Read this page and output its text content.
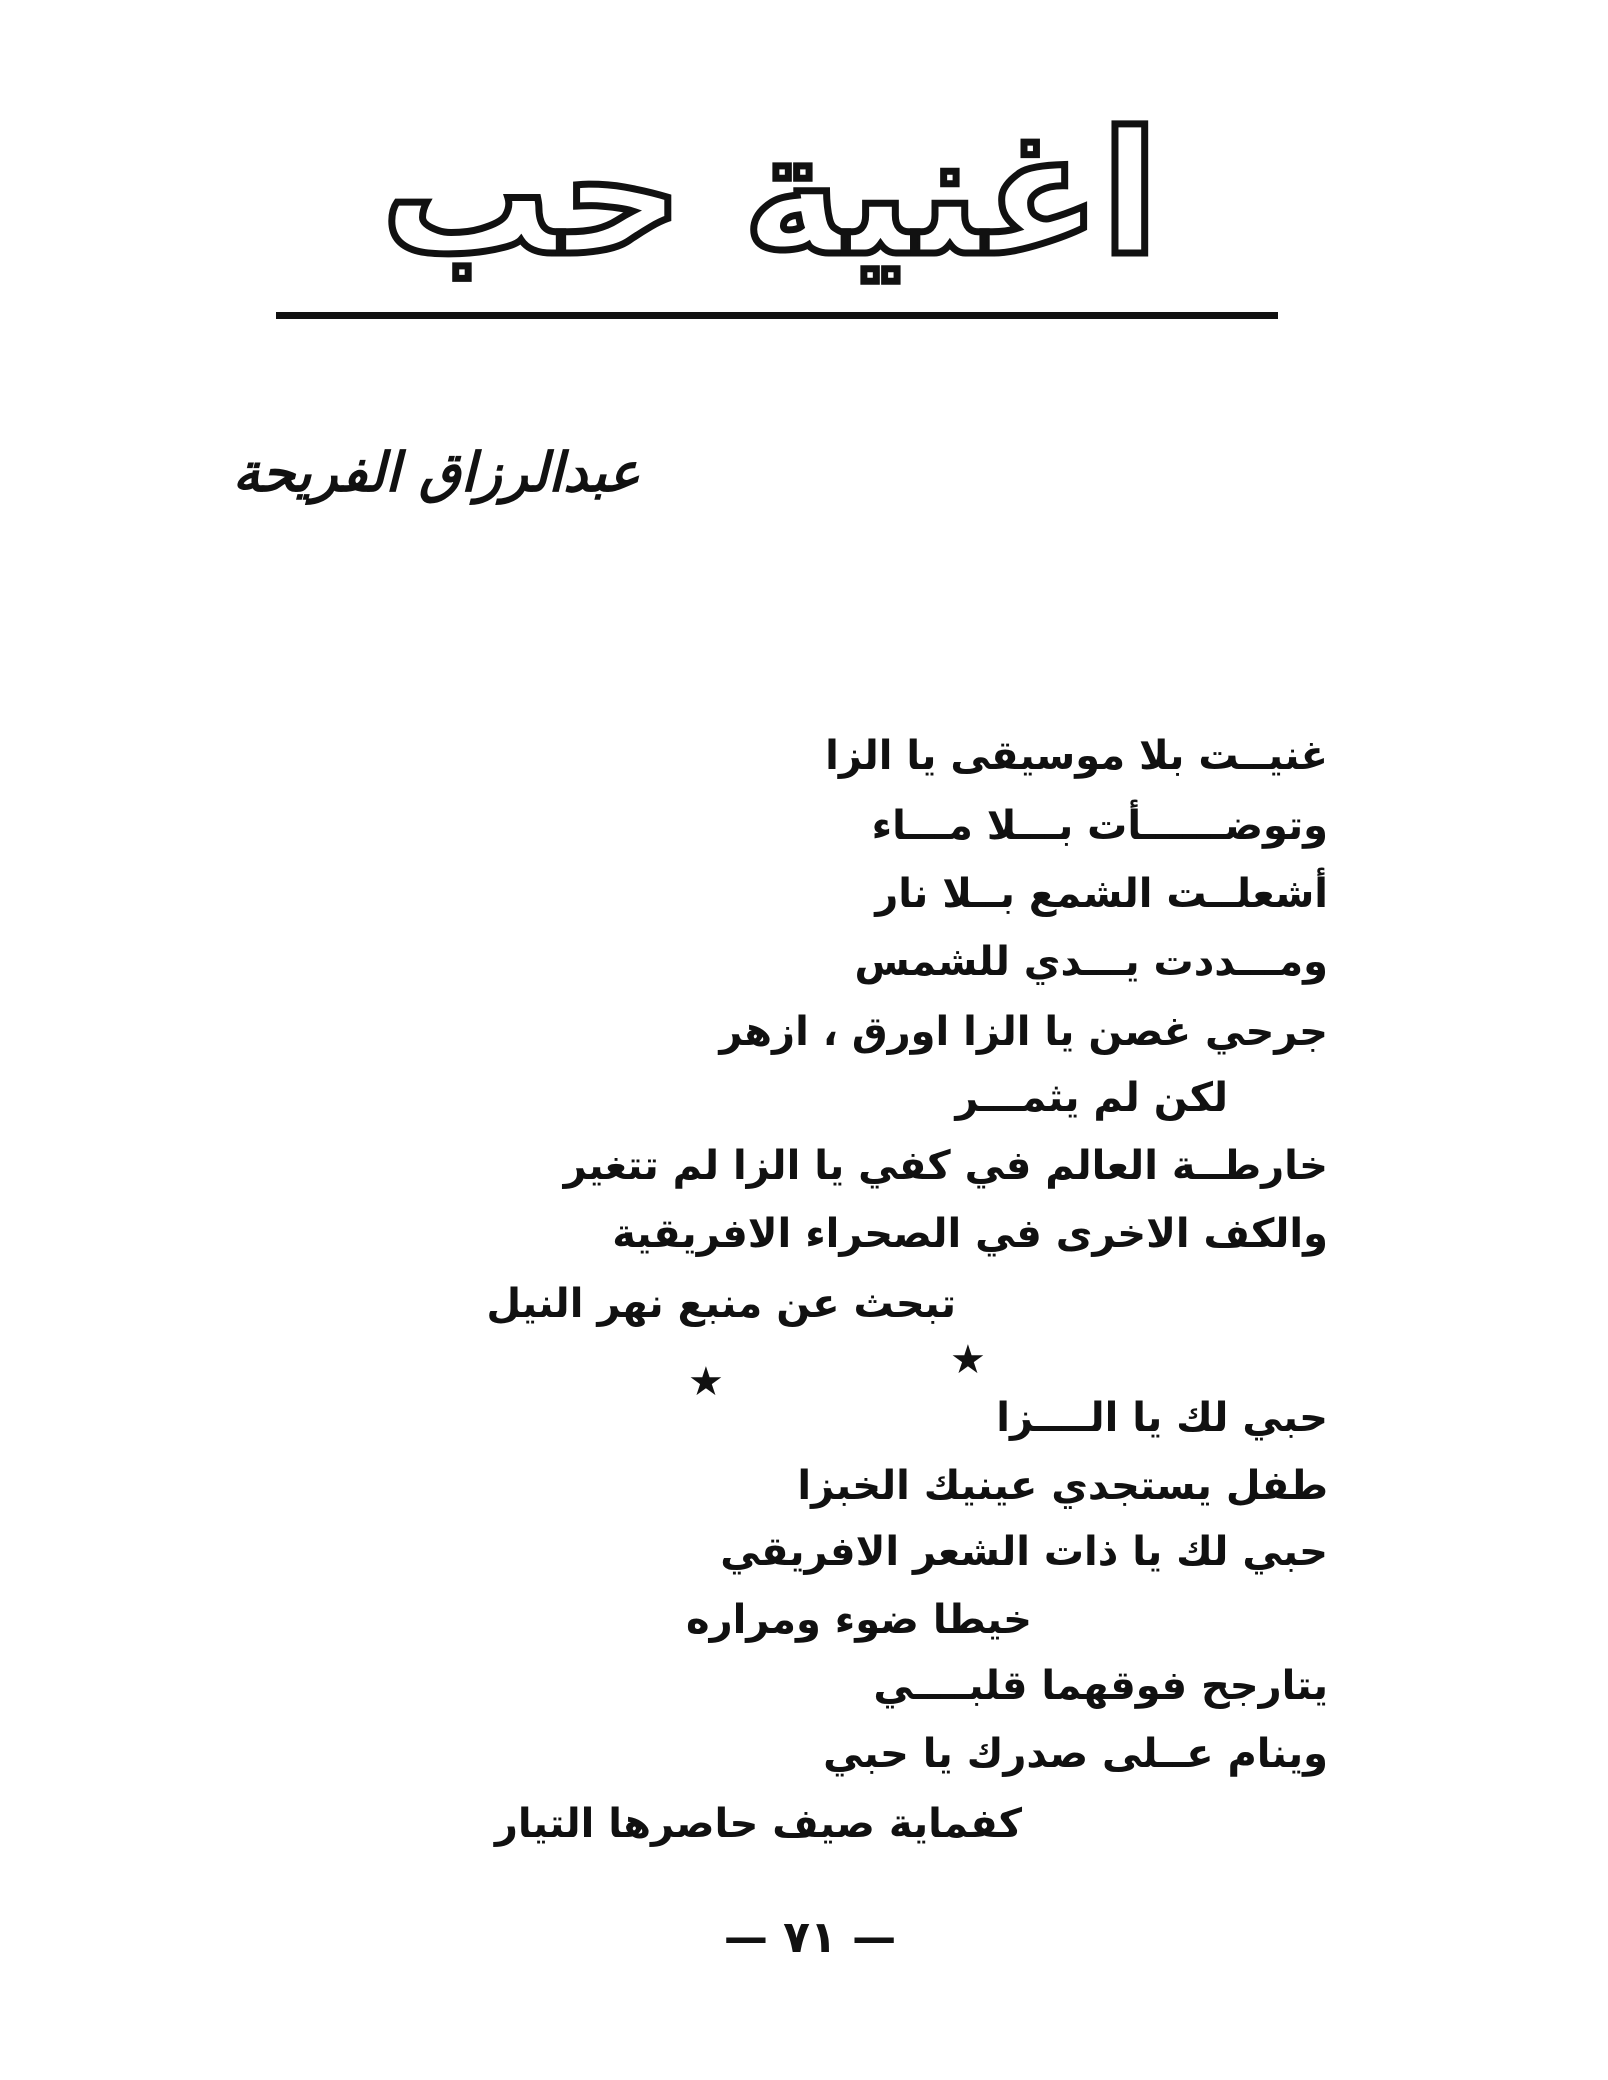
اغنية حب
عبدالرزاق الفريحة
غنيــت بلا موسيقى يا الزا
وتوضــــــأت بـــلا مـــاء
أشعلــت الشمع بــلا نار
ومـــددت يـــدي للشمس
جرحي غصن يا الزا اورق ، ازهر
لكن لم يثمـــر
خارطــة العالم في كفي يا الزا لم تتغير
والكف الاخرى في الصحراء الافريقية
تبحث عن منبع نهر النيل
★
★
حبي لك يا الــــزا
طفل يستجدي عينيك الخبزا
حبي لك يا ذات الشعر الافريقي
خيطا ضوء ومراره
يتارجح فوقهما قلبــــي
وينام عــلى صدرك يا حبي
كفماية صيف حاصرها التيار
— ٧١ —
